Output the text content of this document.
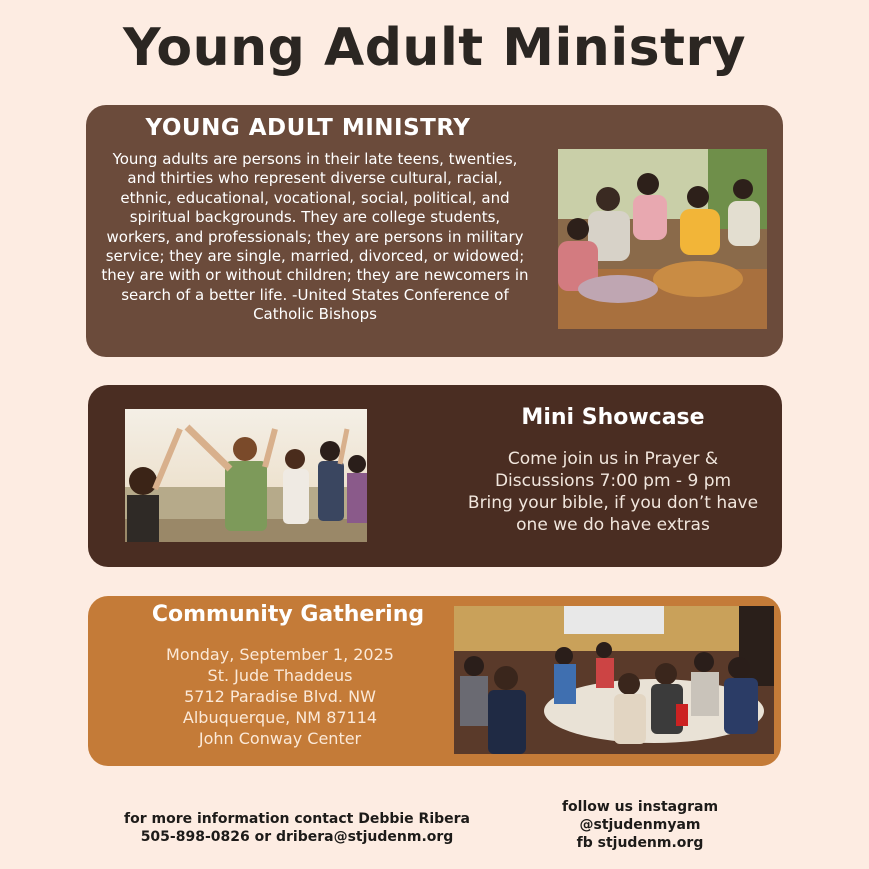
Young Adult Ministry
YOUNG ADULT MINISTRY
Young adults are persons in their late teens, twenties, and thirties who represent diverse cultural, racial, ethnic, educational, vocational, social, political, and spiritual backgrounds. They are college students, workers, and professionals; they are persons in military service; they are single, married, divorced, or widowed; they are with or without children; they are newcomers in search of a better life. -United States Conference of Catholic Bishops
Mini Showcase
Come join us in Prayer &
Discussions 7:00 pm - 9 pm
Bring your bible, if you don’t have
one we do have extras
Community Gathering
Monday, September 1, 2025
St. Jude Thaddeus
5712 Paradise Blvd. NW
Albuquerque, NM 87114
John Conway Center
for more information contact Debbie Ribera
505-898-0826 or dribera@stjudenm.org
follow us instagram
@stjudenmyam
fb stjudenm.org
